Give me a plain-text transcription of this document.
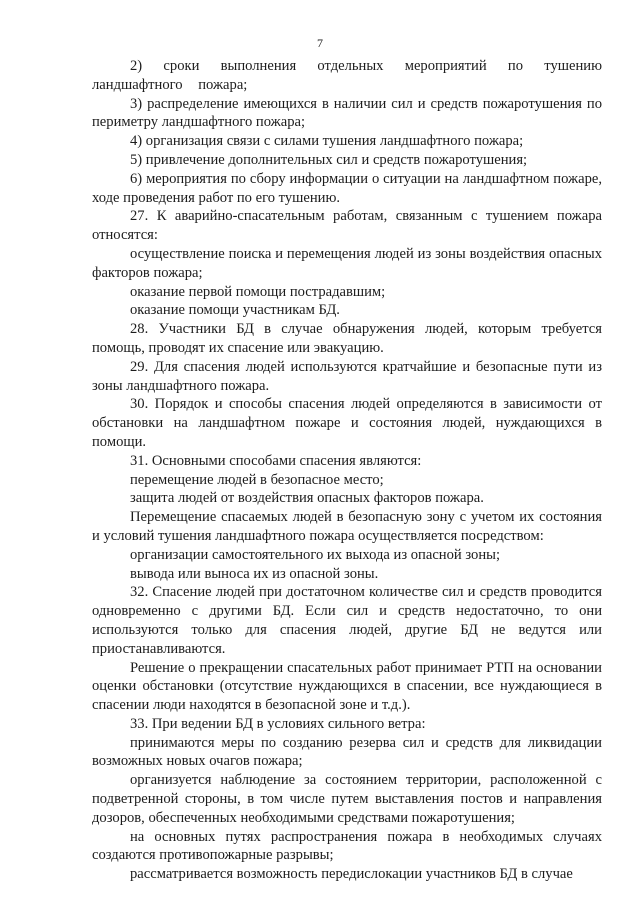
7

2) сроки выполнения отдельных мероприятий по тушению ландшафтного пожара;

3) распределение имеющихся в наличии сил и средств пожаротушения по периметру ландшафтного пожара;

4) организация связи с силами тушения ландшафтного пожара;

5) привлечение дополнительных сил и средств пожаротушения;

6) мероприятия по сбору информации о ситуации на ландшафтном пожаре, ходе проведения работ по его тушению.

27. К аварийно-спасательным работам, связанным с тушением пожара относятся:

осуществление поиска и перемещения людей из зоны воздействия опасных факторов пожара;

оказание первой помощи пострадавшим;

оказание помощи участникам БД.

28. Участники БД в случае обнаружения людей, которым требуется помощь, проводят их спасение или эвакуацию.

29. Для спасения людей используются кратчайшие и безопасные пути из зоны ландшафтного пожара.

30. Порядок и способы спасения людей определяются в зависимости от обстановки на ландшафтном пожаре и состояния людей, нуждающихся в помощи.

31. Основными способами спасения являются:

перемещение людей в безопасное место;

защита людей от воздействия опасных факторов пожара.

Перемещение спасаемых людей в безопасную зону с учетом их состояния и условий тушения ландшафтного пожара осуществляется посредством:

организации самостоятельного их выхода из опасной зоны;

вывода или выноса их из опасной зоны.

32. Спасение людей при достаточном количестве сил и средств проводится одновременно с другими БД. Если сил и средств недостаточно, то они используются только для спасения людей, другие БД не ведутся или приостанавливаются.

Решение о прекращении спасательных работ принимает РТП на основании оценки обстановки (отсутствие нуждающихся в спасении, все нуждающиеся в спасении люди находятся в безопасной зоне и т.д.).

33. При ведении БД в условиях сильного ветра:

принимаются меры по созданию резерва сил и средств для ликвидации возможных новых очагов пожара;

организуется наблюдение за состоянием территории, расположенной с подветренной стороны, в том числе путем выставления постов и направления дозоров, обеспеченных необходимыми средствами пожаротушения;

на основных путях распространения пожара в необходимых случаях создаются противопожарные разрывы;

рассматривается возможность передислокации участников БД в случае
